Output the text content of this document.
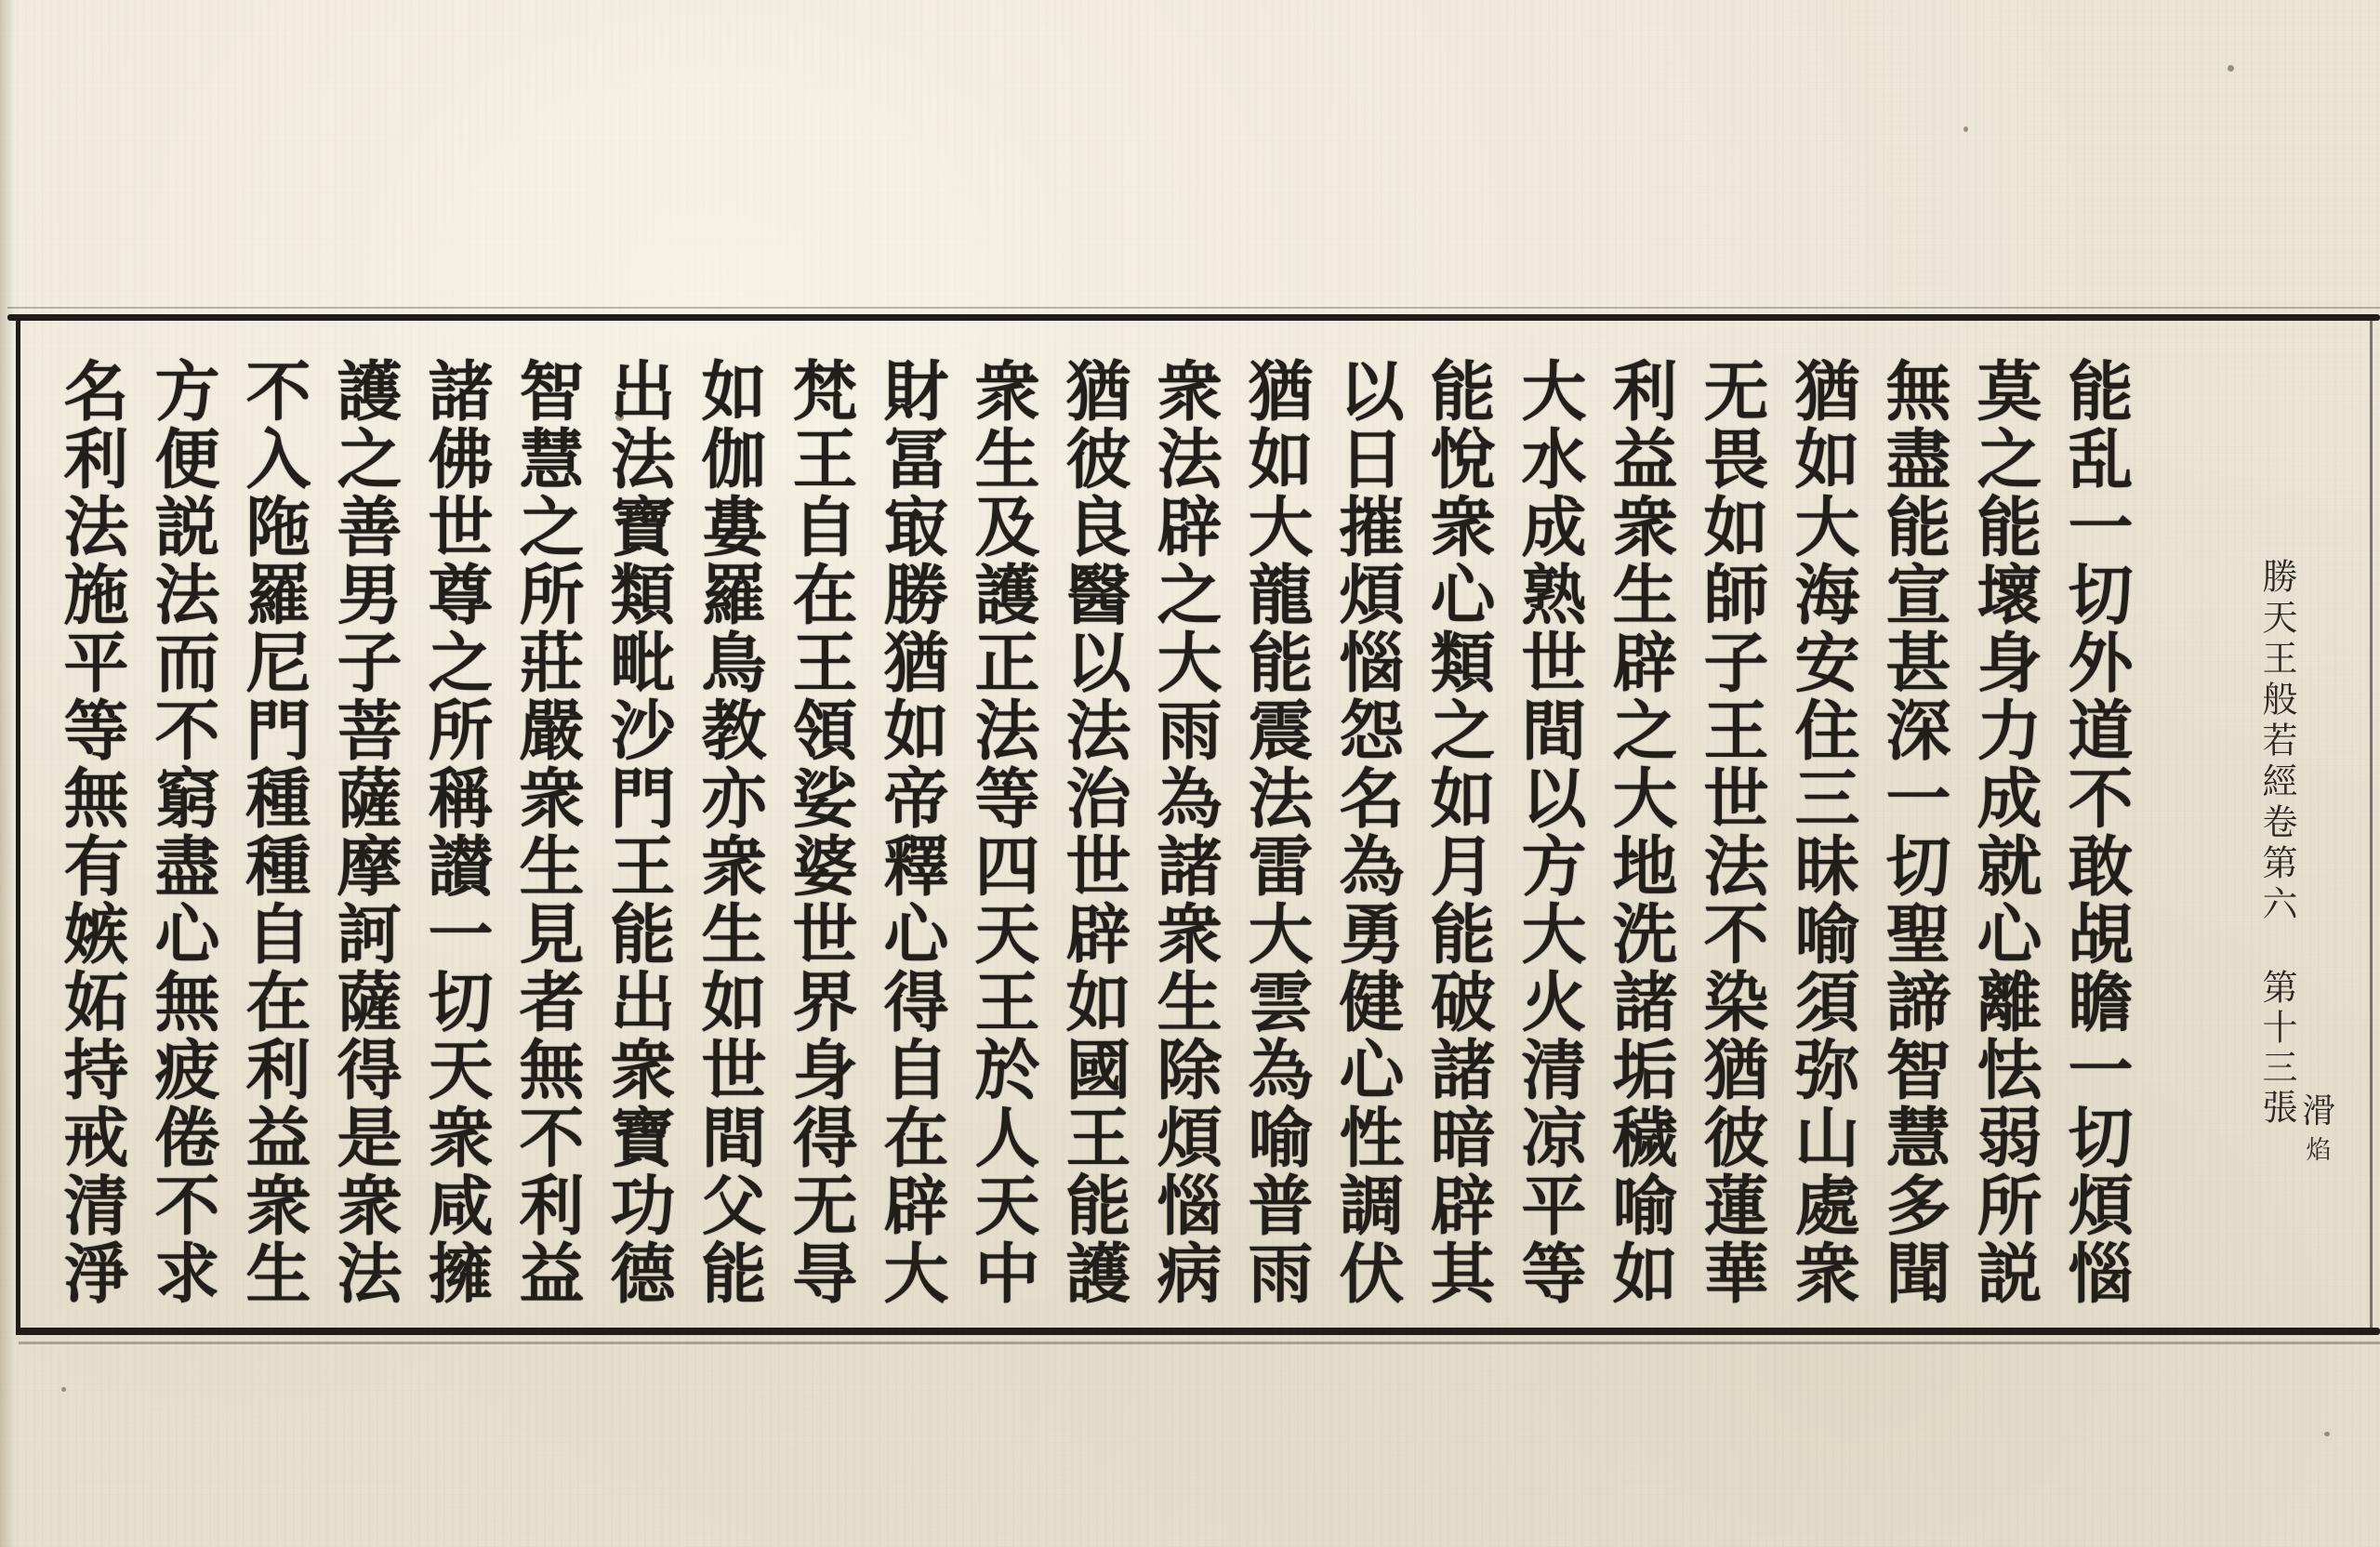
能乱一切外道不敢覘瞻一切煩惱
莫之能壞身力成就心離怯弱所説
無盡能宣甚深一切聖諦智慧多聞
猶如大海安住三昧喻須弥山處衆
无畏如師子王世法不染猶彼蓮華
利益衆生辟之大地洗諸垢穢喻如
大水成熟世間以方大火清凉平等
能悅衆心類之如月能破諸暗辟其
以日摧煩惱怨名為勇健心性調伏
猶如大龍能震法雷大雲為喻普雨
衆法辟之大雨為諸衆生除煩惱病
猶彼良醫以法治世辟如國王能護
衆生及護正法等四天王於人天中
財冨㝡勝猶如帝釋心得自在辟大
梵王自在王領娑婆世界身得无㝵
如伽婁羅鳥教亦衆生如世間父能
出法寶類毗沙門王能出衆寶功德
智慧之所莊嚴衆生見者無不利益
諸佛世尊之所稱讃一切天衆咸擁
護之善男子菩薩摩訶薩得是衆法
不入陁羅尼門種種自在利益衆生
方便説法而不窮盡心無疲倦不求
名利法施平等無有嫉妬持戒清淨	勝天王般若經卷第六
第十三張 滑
焰
